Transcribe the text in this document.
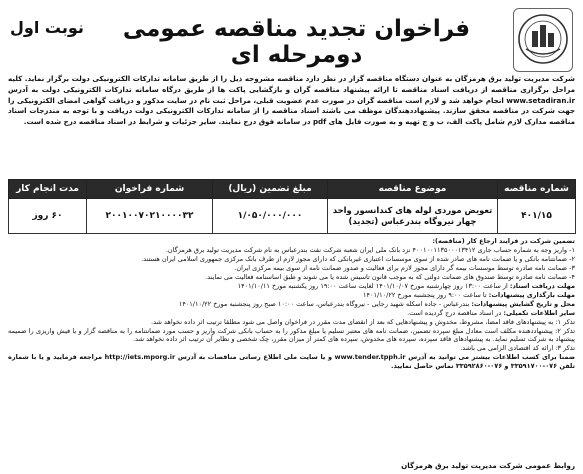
فراخوان تجدید مناقصه عمومی دومرحله ای
نوبت اول
شرکت مدیریت تولید برق هرمزگان به عنوان دستگاه مناقصه گزار در نظر دارد مناقصه مشروحه ذیل را از طریق سامانه تدارکات الکترونیکی دولت برگزار نماید. کلیه مراحل برگزاری مناقصه از دریافت اسناد مناقصه تا ارائه پیشنهاد مناقصه گران و بازگشایی پاکت ها از طریق درگاه سامانه تدارکات الکترونیکی دولت به آدرس www.setadiran.ir انجام خواهد شد و لازم است مناقصه گران در صورت عدم عضویت قبلی، مراحل ثبت نام در سایت مذکور و دریافت گواهی امضای الکترونیکی را جهت شرکت در مناقصه محقق سازند. پیشنهاددهندگان موظف می باشند اسناد مناقصه را از سامانه تدارکات الکترونیکی دولت دریافت و با توجه به مندرجات اسناد مناقصه مدارک لازم شامل پاکت الف، ب و ج تهیه و به صورت فایل های pdf در سامانه فوق درج نمایند. سایر جزئیات و شرایط در اسناد مناقصه درج شده است.
شماره مناقصه	موضوع مناقصه	مبلغ تضمین (ریال)	شماره فراخوان	مدت انجام کار
۴۰۱/۱۵	تعویض موردی لوله های کندانسور واحد چهار نیروگاه بندرعباس (تجدید)	۱/۰۵۰/۰۰۰/۰۰۰	۲۰۰۱۰۰۷۰۲۱۰۰۰۰۳۲	۶۰ روز

تضمین شرکت در فرایند ارجاع کار (مناقصه):

۱- واریز وجه به شماره حساب جاری ۴۰۰۱۰۰۱۱۳۵۰۰۰۱۳۴۱۲ نزد بانک ملی ایران شعبه شرکت نفت بندرعباس به نام شرکت مدیریت تولید برق هرمزگان.

۲- ضمانتنامه بانکی و یا ضمانت نامه های صادر شده از سوی موسسات اعتباری غیربانکی که دارای مجوز لازم از طرف بانک مرکزی جمهوری اسلامی ایران هستند.

۳- ضمانت نامه صادره توسط موسسات بیمه گر دارای مجوز لازم برای فعالیت و صدور ضمانت نامه از سوی بیمه مرکزی ایران.

۴- ضمانت نامه صادره توسط صندوق های ضمانت دولتی که به موجب قانون تاسیس شده یا می شوند و طبق اساسنامه فعالیت می نمایند.

مهلت دریافت اسناد: از ساعت ۱۳:۰۰ روز چهارشنبه مورخ ۱۴۰۱/۱۰/۰۷ لغایت ساعت ۱۹:۰۰ روز یکشنبه مورخ ۱۴۰۱/۱۰/۱۱

مهلت بارگذاری پیشنهادات: تا ساعت ۹:۰۰ روز پنجشنبه مورخ ۱۴۰۱/۱۰/۲۲

محل و تاریخ گشایش پیشنهادات: بندرعباس - جاده اسکله شهید رجایی - نیروگاه بندرعباس، ساعت ۱۰:۰۰ صبح روز پنجشنبه مورخ ۱۴۰۱/۱۰/۲۲

سایر اطلاعات تکمیلی: در اسناد مناقصه درج گردیده است.

تذکر ۱: به پیشنهادهای فاقد امضا، مشروط، مخدوش و پیشنهادهایی که بعد از انقضای مدت مقرر در فراخوان واصل می شود مطلقا ترتیب اثر داده نخواهد شد.

تذکر ۲: پیشنهاددهنده مکلف است معادل مبلغ سپرده تضمین، ضمانت نامه های معتبر تسلیم یا مبلغ مذکور را به حساب بانکی شرکت واریز و حسب مورد ضمانتنامه را به مناقصه گزار و یا فیش واریزی را ضمیمه پیشنهاد به شرکت تسلیم نماید. به پیشنهادهای فاقد سپرده، سپرده های مخدوش، سپرده های کمتر از میزان مقرر، چک شخصی و نظایر آن ترتیب اثر داده نخواهد شد.

تذکر ۳: ارائه کد اقتصادی الزامی می باشد.

ضمنا برای کسب اطلاعات بیشتر می توانید به آدرس www.tender.tpph.ir و یا سایت ملی اطلاع رسانی مناقصات به آدرس http://iets.mporg.ir مراجعه فرمایید و یا با شماره تلفن ۰۷۶-۳۳۵۹۱۷۰۰ و ۰۷۶-۳۳۵۹۲۸۶۰ تماس حاصل نمایید.

روابط عمومی شرکت مدیریت تولید برق هرمزگان
